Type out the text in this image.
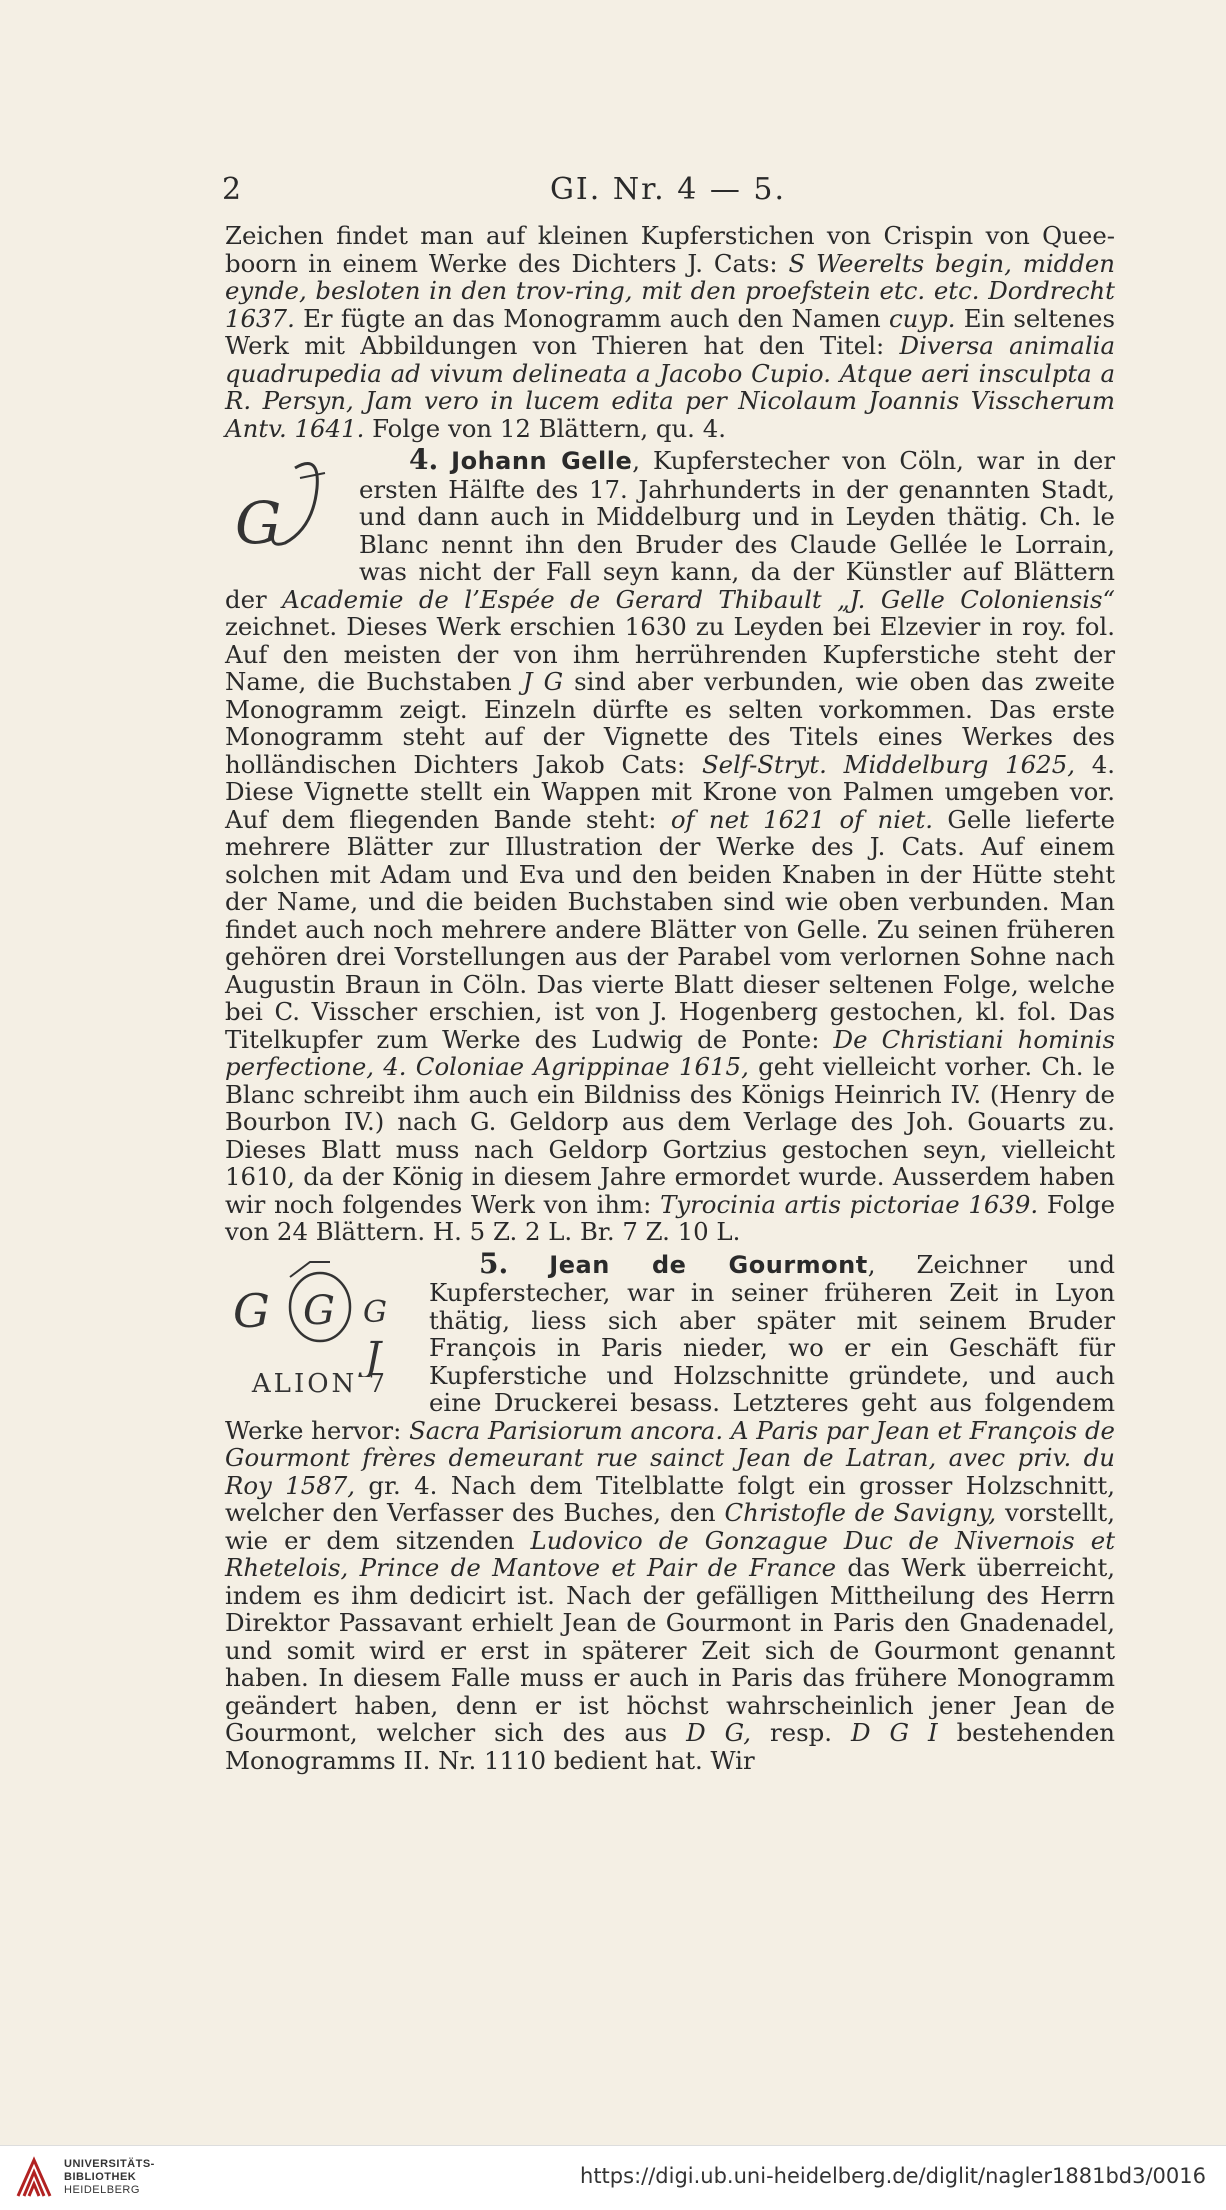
2	GI. Nr. 4 — 5.

Zeichen findet man auf kleinen Kupferstichen von Crispin von Quee-boorn in einem Werke des Dichters J. Cats: S Weerelts begin, midden eynde, besloten in den trov-ring, mit den proefstein etc. etc. Dordrecht 1637. Er fügte an das Monogramm auch den Namen cuyp. Ein seltenes Werk mit Abbildungen von Thieren hat den Titel: Diversa animalia quadrupedia ad vivum delineata a Jacobo Cupio. Atque aeri insculpta a R. Persyn, Jam vero in lucem edita per Nicolaum Joannis Visscherum Antv. 1641. Folge von 12 Blättern, qu. 4.

4. Johann Gelle
G
, Kupferstecher von Cöln, war in der ersten Hälfte des 17. Jahrhunderts in der genannten Stadt, und dann auch in Middelburg und in Leyden thätig. Ch. le Blanc nennt ihn den Bruder des Claude Gellée le Lorrain, was nicht der Fall seyn kann, da der Künstler auf Blättern der Academie de l’Espée de Gerard Thibault „J. Gelle Coloniensis“ zeichnet. Dieses Werk erschien 1630 zu Leyden bei Elzevier in roy. fol. Auf den meisten der von ihm herrührenden Kupferstiche steht der Name, die Buchstaben J G sind aber verbunden, wie oben das zweite Monogramm zeigt. Einzeln dürfte es selten vorkommen. Das erste Monogramm steht auf der Vignette des Titels eines Werkes des holländischen Dichters Jakob Cats: Self-Stryt. Middelburg 1625, 4. Diese Vignette stellt ein Wappen mit Krone von Palmen umgeben vor. Auf dem fliegenden Bande steht: of net 1621 of niet. Gelle lieferte mehrere Blätter zur Illustration der Werke des J. Cats. Auf einem solchen mit Adam und Eva und den beiden Knaben in der Hütte steht der Name, und die beiden Buchstaben sind wie oben verbunden. Man findet auch noch mehrere andere Blätter von Gelle. Zu seinen früheren gehören drei Vorstellungen aus der Parabel vom verlornen Sohne nach Augustin Braun in Cöln. Das vierte Blatt dieser seltenen Folge, welche bei C. Visscher erschien, ist von J. Hogenberg gestochen, kl. fol. Das Titelkupfer zum Werke des Ludwig de Ponte: De Christiani hominis perfectione, 4. Coloniae Agrippinae 1615, geht vielleicht vorher. Ch. le Blanc schreibt ihm auch ein Bildniss des Königs Heinrich IV. (Henry de Bourbon IV.) nach G. Geldorp aus dem Verlage des Joh. Gouarts zu. Dieses Blatt muss nach Geldorp Gortzius gestochen seyn, vielleicht 1610, da der König in diesem Jahre ermordet wurde. Ausserdem haben wir noch folgendes Werk von ihm: Tyrocinia artis pictoriae 1639. Folge von 24 Blättern. H. 5 Z. 2 L. Br. 7 Z. 10 L.

5. Jean de Gourmont
G
G	G
J
ALION 7
, Zeichner und Kupferstecher, war in seiner früheren Zeit in Lyon thätig, liess sich aber später mit seinem Bruder François in Paris nieder, wo er ein Geschäft für Kupferstiche und Holzschnitte gründete, und auch eine Druckerei besass. Letzteres geht aus folgendem Werke hervor: Sacra Parisiorum ancora. A Paris par Jean et François de Gourmont frères demeurant rue sainct Jean de Latran, avec priv. du Roy 1587, gr. 4. Nach dem Titelblatte folgt ein grosser Holzschnitt, welcher den Verfasser des Buches, den Christofle de Savigny, vorstellt, wie er dem sitzenden Ludovico de Gonzague Duc de Nivernois et Rhetelois, Prince de Mantove et Pair de France das Werk überreicht, indem es ihm dedicirt ist. Nach der gefälligen Mittheilung des Herrn Direktor Passavant erhielt Jean de Gourmont in Paris den Gnadenadel, und somit wird er erst in späterer Zeit sich de Gourmont genannt haben. In diesem Falle muss er auch in Paris das frühere Monogramm geändert haben, denn er ist höchst wahrscheinlich jener Jean de Gourmont, welcher sich des aus D G, resp. D G I bestehenden Monogramms II. Nr. 1110 bedient hat. Wir

UNIVERSITÄTS-
BIBLIOTHEK
HEIDELBERG
https://digi.ub.uni-heidelberg.de/diglit/nagler1881bd3/0016
